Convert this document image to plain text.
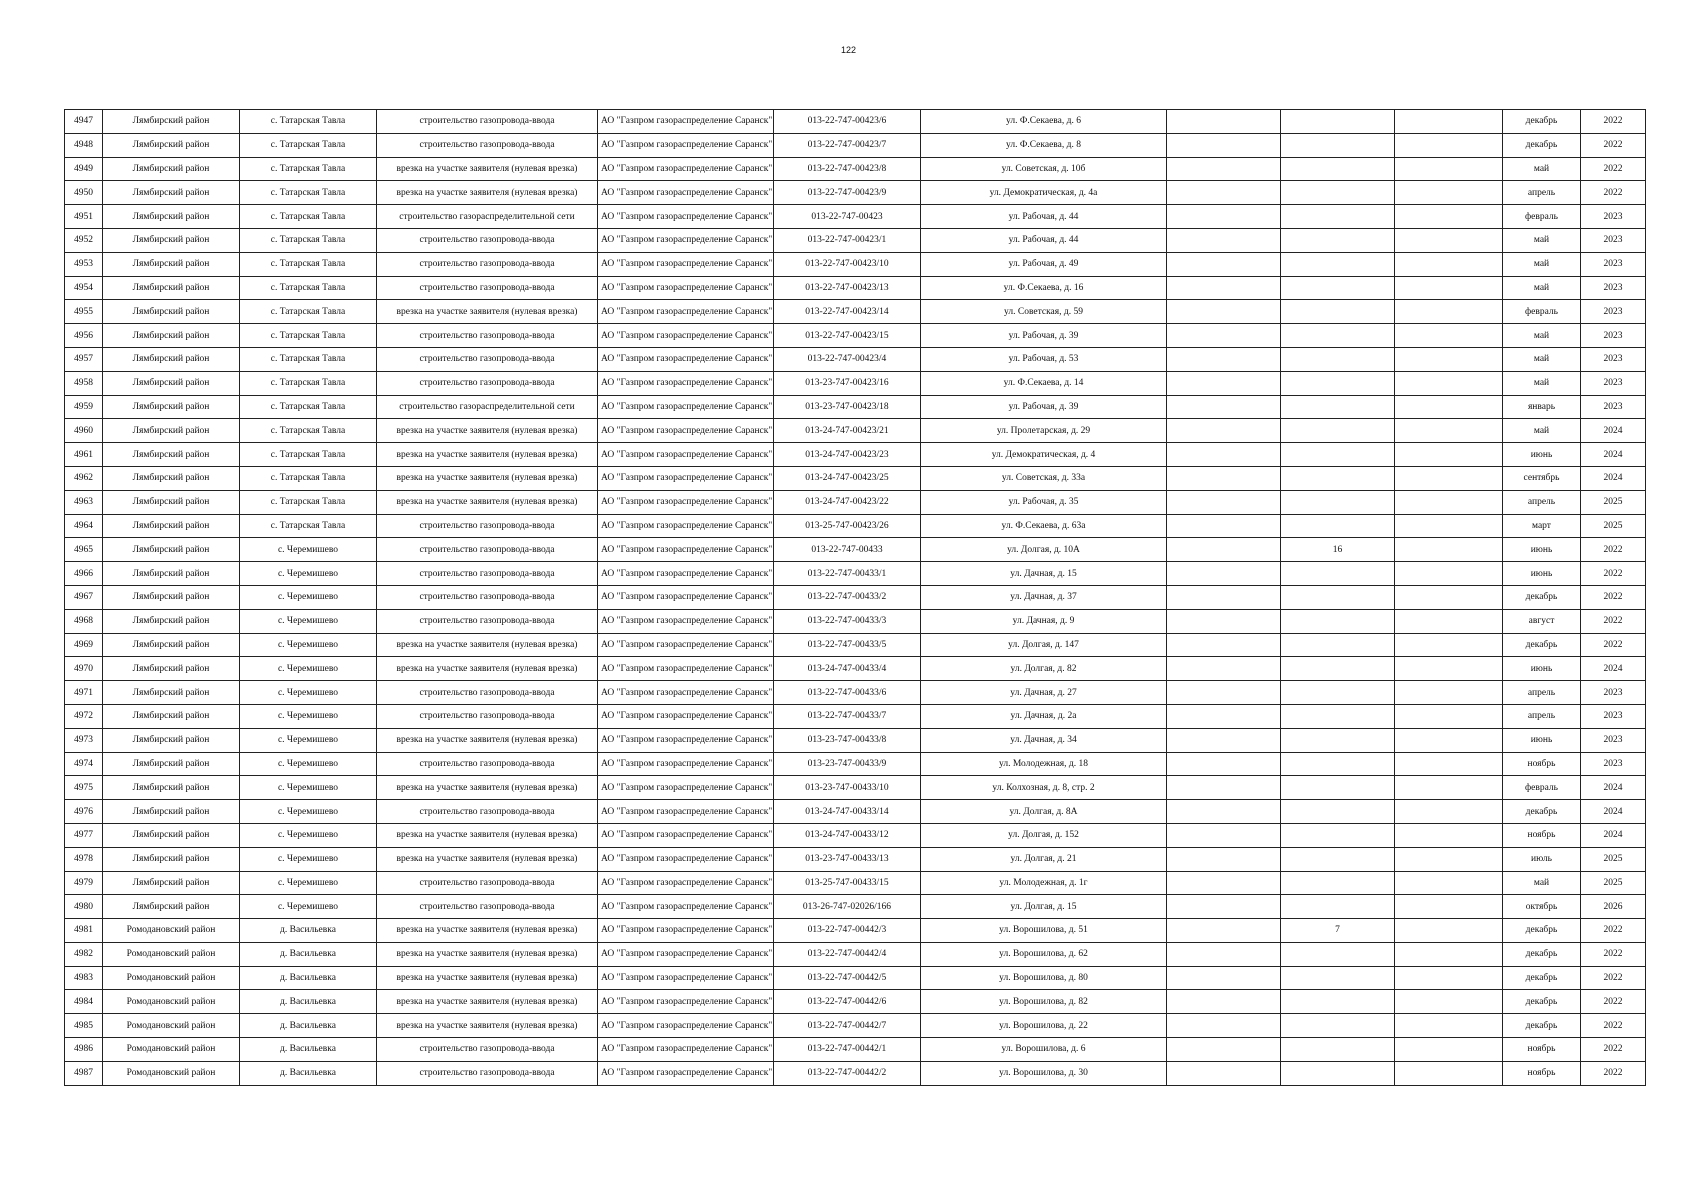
122
4947	Лямбирский район	с. Татарская Тавла	строительство газопровода-ввода	АО "Газпром газораспределение Саранск"	013-22-747-00423/6	ул. Ф.Секаева, д. 6				декабрь	2022
4948	Лямбирский район	с. Татарская Тавла	строительство газопровода-ввода	АО "Газпром газораспределение Саранск"	013-22-747-00423/7	ул. Ф.Секаева, д. 8				декабрь	2022
4949	Лямбирский район	с. Татарская Тавла	врезка на участке заявителя (нулевая врезка)	АО "Газпром газораспределение Саранск"	013-22-747-00423/8	ул. Советская, д. 10б				май	2022
4950	Лямбирский район	с. Татарская Тавла	врезка на участке заявителя (нулевая врезка)	АО "Газпром газораспределение Саранск"	013-22-747-00423/9	ул. Демократическая, д. 4а				апрель	2022
4951	Лямбирский район	с. Татарская Тавла	строительство газораспределительной сети	АО "Газпром газораспределение Саранск"	013-22-747-00423	ул. Рабочая, д. 44				февраль	2023
4952	Лямбирский район	с. Татарская Тавла	строительство газопровода-ввода	АО "Газпром газораспределение Саранск"	013-22-747-00423/1	ул. Рабочая, д. 44				май	2023
4953	Лямбирский район	с. Татарская Тавла	строительство газопровода-ввода	АО "Газпром газораспределение Саранск"	013-22-747-00423/10	ул. Рабочая, д. 49				май	2023
4954	Лямбирский район	с. Татарская Тавла	строительство газопровода-ввода	АО "Газпром газораспределение Саранск"	013-22-747-00423/13	ул. Ф.Секаева, д. 16				май	2023
4955	Лямбирский район	с. Татарская Тавла	врезка на участке заявителя (нулевая врезка)	АО "Газпром газораспределение Саранск"	013-22-747-00423/14	ул. Советская, д. 59				февраль	2023
4956	Лямбирский район	с. Татарская Тавла	строительство газопровода-ввода	АО "Газпром газораспределение Саранск"	013-22-747-00423/15	ул. Рабочая, д. 39				май	2023
4957	Лямбирский район	с. Татарская Тавла	строительство газопровода-ввода	АО "Газпром газораспределение Саранск"	013-22-747-00423/4	ул. Рабочая, д. 53				май	2023
4958	Лямбирский район	с. Татарская Тавла	строительство газопровода-ввода	АО "Газпром газораспределение Саранск"	013-23-747-00423/16	ул. Ф.Секаева, д. 14				май	2023
4959	Лямбирский район	с. Татарская Тавла	строительство газораспределительной сети	АО "Газпром газораспределение Саранск"	013-23-747-00423/18	ул. Рабочая, д. 39				январь	2023
4960	Лямбирский район	с. Татарская Тавла	врезка на участке заявителя (нулевая врезка)	АО "Газпром газораспределение Саранск"	013-24-747-00423/21	ул. Пролетарская, д. 29				май	2024
4961	Лямбирский район	с. Татарская Тавла	врезка на участке заявителя (нулевая врезка)	АО "Газпром газораспределение Саранск"	013-24-747-00423/23	ул. Демократическая, д. 4				июнь	2024
4962	Лямбирский район	с. Татарская Тавла	врезка на участке заявителя (нулевая врезка)	АО "Газпром газораспределение Саранск"	013-24-747-00423/25	ул. Советская, д. 33а				сентябрь	2024
4963	Лямбирский район	с. Татарская Тавла	врезка на участке заявителя (нулевая врезка)	АО "Газпром газораспределение Саранск"	013-24-747-00423/22	ул. Рабочая, д. 35				апрель	2025
4964	Лямбирский район	с. Татарская Тавла	строительство газопровода-ввода	АО "Газпром газораспределение Саранск"	013-25-747-00423/26	ул. Ф.Секаева, д. 63а				март	2025
4965	Лямбирский район	с. Черемишево	строительство газопровода-ввода	АО "Газпром газораспределение Саранск"	013-22-747-00433	ул. Долгая, д. 10А		16		июнь	2022
4966	Лямбирский район	с. Черемишево	строительство газопровода-ввода	АО "Газпром газораспределение Саранск"	013-22-747-00433/1	ул. Дачная, д. 15				июнь	2022
4967	Лямбирский район	с. Черемишево	строительство газопровода-ввода	АО "Газпром газораспределение Саранск"	013-22-747-00433/2	ул. Дачная, д. 37				декабрь	2022
4968	Лямбирский район	с. Черемишево	строительство газопровода-ввода	АО "Газпром газораспределение Саранск"	013-22-747-00433/3	ул. Дачная, д. 9				август	2022
4969	Лямбирский район	с. Черемишево	врезка на участке заявителя (нулевая врезка)	АО "Газпром газораспределение Саранск"	013-22-747-00433/5	ул. Долгая, д. 147				декабрь	2022
4970	Лямбирский район	с. Черемишево	врезка на участке заявителя (нулевая врезка)	АО "Газпром газораспределение Саранск"	013-24-747-00433/4	ул. Долгая, д. 82				июнь	2024
4971	Лямбирский район	с. Черемишево	строительство газопровода-ввода	АО "Газпром газораспределение Саранск"	013-22-747-00433/6	ул. Дачная, д. 27				апрель	2023
4972	Лямбирский район	с. Черемишево	строительство газопровода-ввода	АО "Газпром газораспределение Саранск"	013-22-747-00433/7	ул. Дачная, д. 2а				апрель	2023
4973	Лямбирский район	с. Черемишево	врезка на участке заявителя (нулевая врезка)	АО "Газпром газораспределение Саранск"	013-23-747-00433/8	ул. Дачная, д. 34				июнь	2023
4974	Лямбирский район	с. Черемишево	строительство газопровода-ввода	АО "Газпром газораспределение Саранск"	013-23-747-00433/9	ул. Молодежная, д. 18				ноябрь	2023
4975	Лямбирский район	с. Черемишево	врезка на участке заявителя (нулевая врезка)	АО "Газпром газораспределение Саранск"	013-23-747-00433/10	ул. Колхозная, д. 8, стр. 2				февраль	2024
4976	Лямбирский район	с. Черемишево	строительство газопровода-ввода	АО "Газпром газораспределение Саранск"	013-24-747-00433/14	ул. Долгая, д. 8А				декабрь	2024
4977	Лямбирский район	с. Черемишево	врезка на участке заявителя (нулевая врезка)	АО "Газпром газораспределение Саранск"	013-24-747-00433/12	ул. Долгая, д. 152				ноябрь	2024
4978	Лямбирский район	с. Черемишево	врезка на участке заявителя (нулевая врезка)	АО "Газпром газораспределение Саранск"	013-23-747-00433/13	ул. Долгая, д. 21				июль	2025
4979	Лямбирский район	с. Черемишево	строительство газопровода-ввода	АО "Газпром газораспределение Саранск"	013-25-747-00433/15	ул. Молодежная, д. 1г				май	2025
4980	Лямбирский район	с. Черемишево	строительство газопровода-ввода	АО "Газпром газораспределение Саранск"	013-26-747-02026/166	ул. Долгая, д. 15				октябрь	2026
4981	Ромодановский район	д. Васильевка	врезка на участке заявителя (нулевая врезка)	АО "Газпром газораспределение Саранск"	013-22-747-00442/3	ул. Ворошилова, д. 51		7		декабрь	2022
4982	Ромодановский район	д. Васильевка	врезка на участке заявителя (нулевая врезка)	АО "Газпром газораспределение Саранск"	013-22-747-00442/4	ул. Ворошилова, д. 62				декабрь	2022
4983	Ромодановский район	д. Васильевка	врезка на участке заявителя (нулевая врезка)	АО "Газпром газораспределение Саранск"	013-22-747-00442/5	ул. Ворошилова, д. 80				декабрь	2022
4984	Ромодановский район	д. Васильевка	врезка на участке заявителя (нулевая врезка)	АО "Газпром газораспределение Саранск"	013-22-747-00442/6	ул. Ворошилова, д. 82				декабрь	2022
4985	Ромодановский район	д. Васильевка	врезка на участке заявителя (нулевая врезка)	АО "Газпром газораспределение Саранск"	013-22-747-00442/7	ул. Ворошилова, д. 22				декабрь	2022
4986	Ромодановский район	д. Васильевка	строительство газопровода-ввода	АО "Газпром газораспределение Саранск"	013-22-747-00442/1	ул. Ворошилова, д. 6				ноябрь	2022
4987	Ромодановский район	д. Васильевка	строительство газопровода-ввода	АО "Газпром газораспределение Саранск"	013-22-747-00442/2	ул. Ворошилова, д. 30				ноябрь	2022
